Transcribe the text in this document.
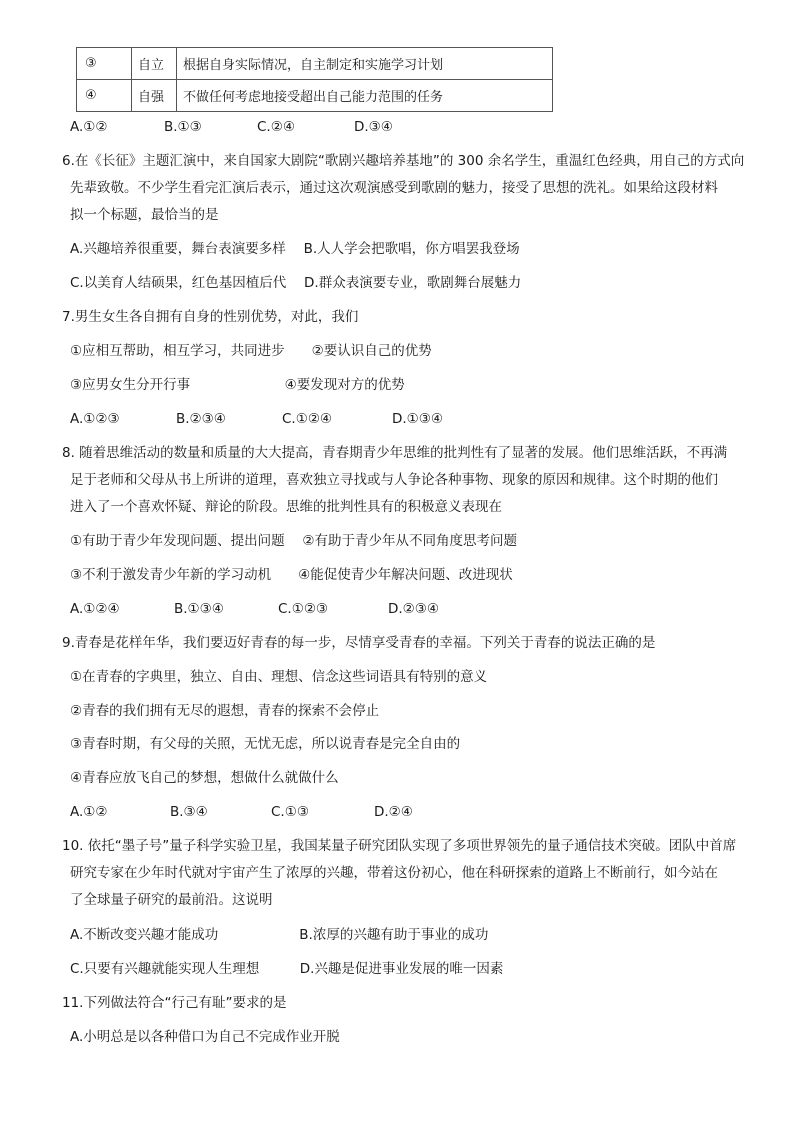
③	自立	根据自身实际情况，自主制定和实施学习计划
④	自强	不做任何考虑地接受超出自己能力范围的任务
A.①②	B.①③	C.②④	D.③④
6.在《长征》主题汇演中，来自国家大剧院“歌剧兴趣培养基地”的 300 余名学生，重温红色经典，用自己的方式向
先辈致敬。不少学生看完汇演后表示，通过这次观演感受到歌剧的魅力，接受了思想的洗礼。如果给这段材料
拟一个标题，最恰当的是
A.兴趣培养很重要，舞台表演要多样　 B.人人学会把歌唱，你方唱罢我登场
C.以美育人结硕果，红色基因植后代　 D.群众表演要专业，歌剧舞台展魅力
7.男生女生各自拥有自身的性别优势，对此，我们
①应相互帮助，相互学习，共同进步　　②要认识自己的优势
③应男女生分开行事　　　　　　　④要发现对方的优势
A.①②③	B.②③④	C.①②④	D.①③④
8. 随着思维活动的数量和质量的大大提高，青春期青少年思维的批判性有了显著的发展。他们思维活跃，不再满
足于老师和父母从书上所讲的道理，喜欢独立寻找或与人争论各种事物、现象的原因和规律。这个时期的他们
进入了一个喜欢怀疑、辩论的阶段。思维的批判性具有的积极意义表现在
①有助于青少年发现问题、提出问题　 ②有助于青少年从不同角度思考问题
③不利于激发青少年新的学习动机　　④能促使青少年解决问题、改进现状
A.①②④	B.①③④	C.①②③	D.②③④
9.青春是花样年华，我们要迈好青春的每一步，尽情享受青春的幸福。下列关于青春的说法正确的是
①在青春的字典里，独立、自由、理想、信念这些词语具有特别的意义
②青春的我们拥有无尽的遐想，青春的探索不会停止
③青春时期，有父母的关照，无忧无虑，所以说青春是完全自由的
④青春应放飞自己的梦想，想做什么就做什么
A.①②	B.③④	C.①③	D.②④
10. 依托“墨子号”量子科学实验卫星，我国某量子研究团队实现了多项世界领先的量子通信技术突破。团队中首席
研究专家在少年时代就对宇宙产生了浓厚的兴趣，带着这份初心，他在科研探索的道路上不断前行，如今站在
了全球量子研究的最前沿。这说明
A.不断改变兴趣才能成功　　　　　　B.浓厚的兴趣有助于事业的成功
C.只要有兴趣就能实现人生理想　　　D.兴趣是促进事业发展的唯一因素
11.下列做法符合“行己有耻”要求的是
A.小明总是以各种借口为自己不完成作业开脱
